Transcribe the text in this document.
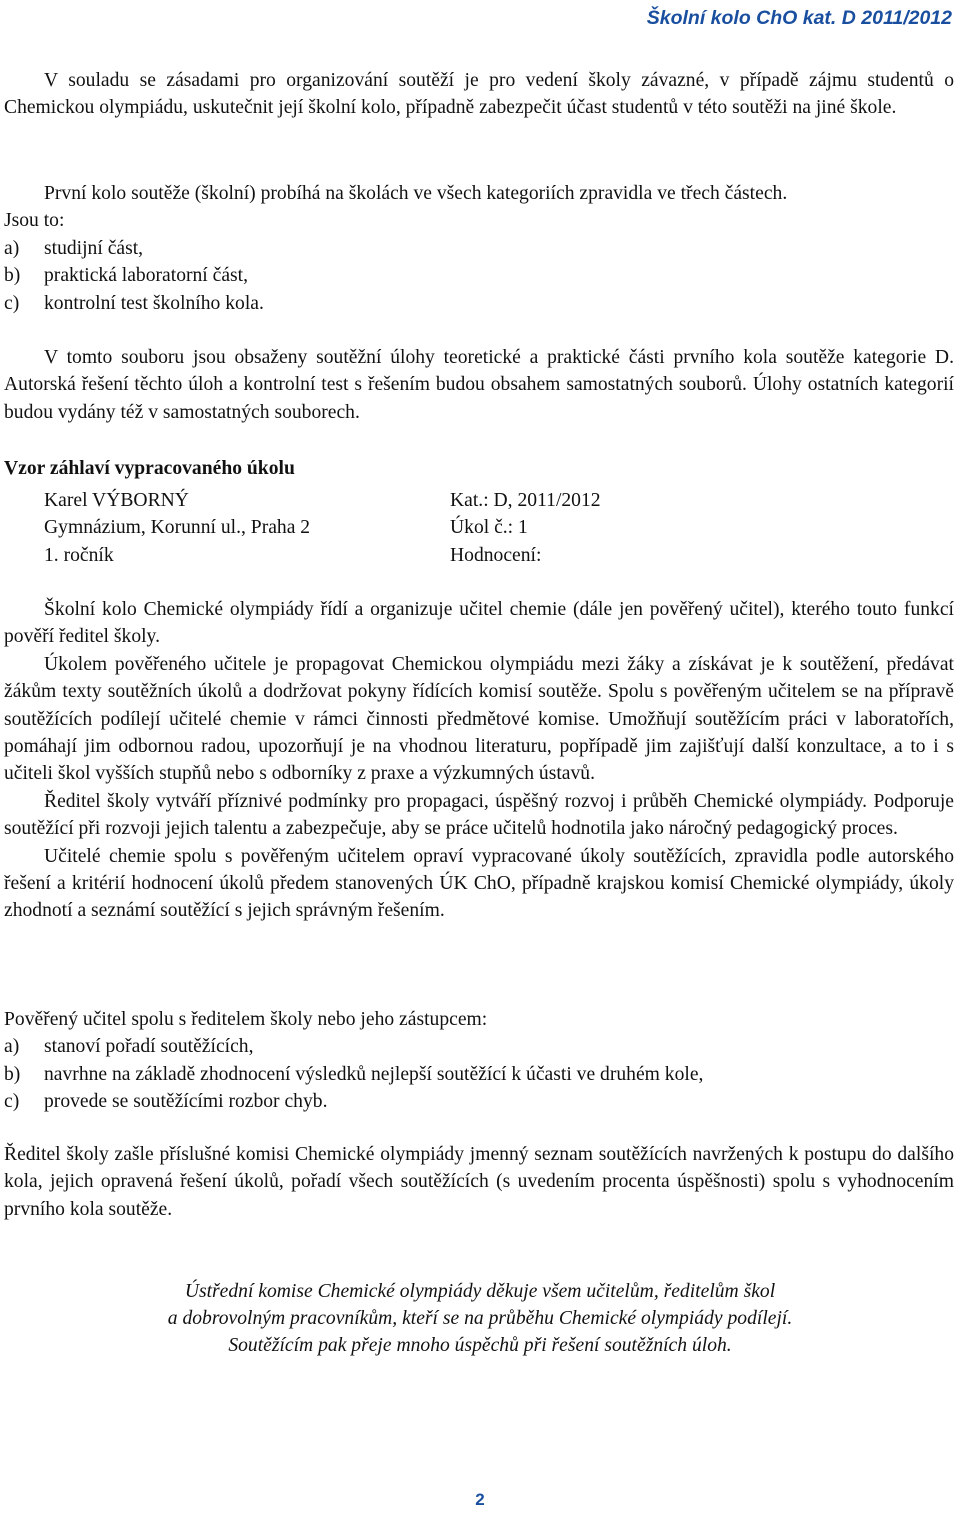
Školní kolo ChO kat. D 2011/2012
V souladu se zásadami pro organizování soutěží je pro vedení školy závazné, v případě zájmu studentů o Chemickou olympiádu, uskutečnit její školní kolo, případně zabezpečit účast studentů v této soutěži na jiné škole.
První kolo soutěže (školní) probíhá na školách ve všech kategoriích zpravidla ve třech částech.
Jsou to:
a) studijní část,
b) praktická laboratorní část,
c) kontrolní test školního kola.
V tomto souboru jsou obsaženy soutěžní úlohy teoretické a praktické části prvního kola soutěže kategorie D. Autorská řešení těchto úloh a kontrolní test s řešením budou obsahem samostatných souborů. Úlohy ostatních kategorií budou vydány též v samostatných souborech.
Vzor záhlaví vypracovaného úkolu
Karel VÝBORNÝ	Kat.: D, 2011/2012
Gymnázium, Korunní ul., Praha 2	Úkol č.: 1
1. ročník	Hodnocení:
Školní kolo Chemické olympiády řídí a organizuje učitel chemie (dále jen pověřený učitel), kterého touto funkcí pověří ředitel školy.
Úkolem pověřeného učitele je propagovat Chemickou olympiádu mezi žáky a získávat je k soutěžení, předávat žákům texty soutěžních úkolů a dodržovat pokyny řídících komisí soutěže. Spolu s pověřeným učitelem se na přípravě soutěžících podílejí učitelé chemie v rámci činnosti předmětové komise. Umožňují soutěžícím práci v laboratořích, pomáhají jim odbornou radou, upozorňují je na vhodnou literaturu, popřípadě jim zajišťují další konzultace, a to i s učiteli škol vyšších stupňů nebo s odborníky z praxe a výzkumných ústavů.
Ředitel školy vytváří příznivé podmínky pro propagaci, úspěšný rozvoj i průběh Chemické olympiády. Podporuje soutěžící při rozvoji jejich talentu a zabezpečuje, aby se práce učitelů hodnotila jako náročný pedagogický proces.
Učitelé chemie spolu s pověřeným učitelem opraví vypracované úkoly soutěžících, zpravidla podle autorského řešení a kritérií hodnocení úkolů předem stanovených ÚK ChO, případně krajskou komisí Chemické olympiády, úkoly zhodnotí a seznámí soutěžící s jejich správným řešením.
Pověřený učitel spolu s ředitelem školy nebo jeho zástupcem:
a) stanoví pořadí soutěžících,
b) navrhne na základě zhodnocení výsledků nejlepší soutěžící k účasti ve druhém kole,
c) provede se soutěžícími rozbor chyb.
Ředitel školy zašle příslušné komisi Chemické olympiády jmenný seznam soutěžících navržených k postupu do dalšího kola, jejich opravená řešení úkolů, pořadí všech soutěžících (s uvedením procenta úspěšnosti) spolu s vyhodnocením prvního kola soutěže.
Ústřední komise Chemické olympiády děkuje všem učitelům, ředitelům škol
a dobrovolným pracovníkům, kteří se na průběhu Chemické olympiády podílejí.
Soutěžícím pak přeje mnoho úspěchů při řešení soutěžních úloh.
2
